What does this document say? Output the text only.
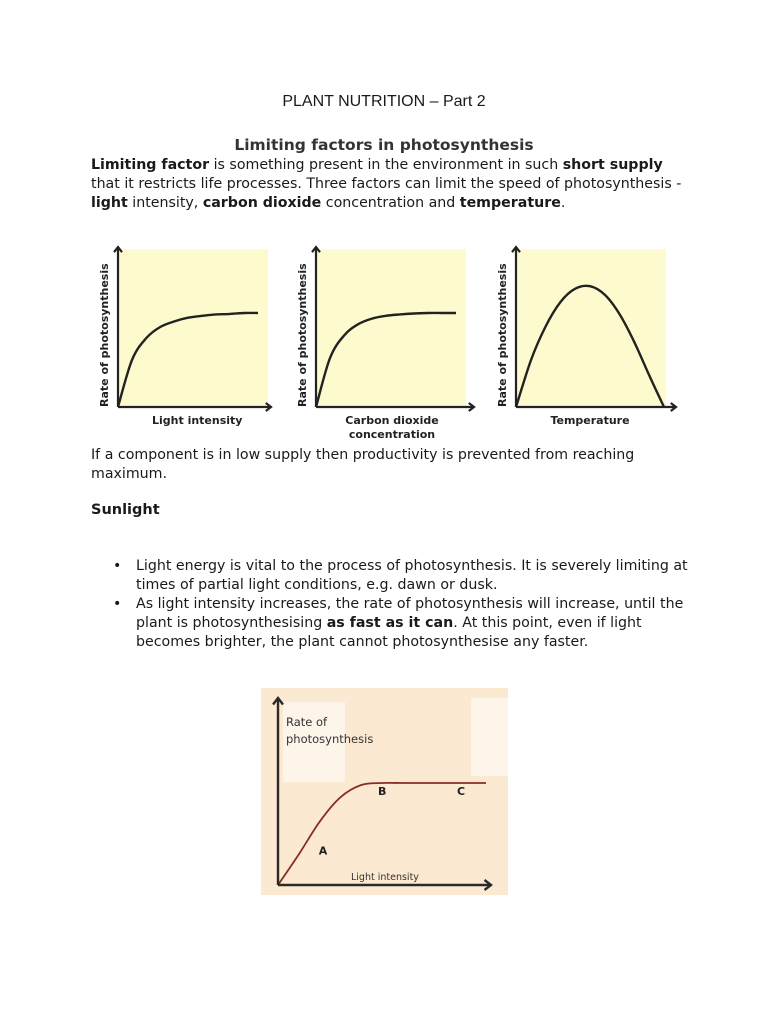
PLANT NUTRITION – Part 2
Limiting factors in photosynthesis
Limiting factor is something present in the environment in such short supply that it restricts life processes. Three factors can limit the speed of photosynthesis - light intensity, carbon dioxide concentration and temperature.
Rate of photosynthesis
Light intensity
Rate of photosynthesis
Carbon dioxide
concentration
Rate of photosynthesis
Temperature
If a component is in low supply then productivity is prevented from reaching maximum.
Sunlight
• Light energy is vital to the process of photosynthesis. It is severely limiting at times of partial light conditions, e.g. dawn or dusk.
• As light intensity increases, the rate of photosynthesis will increase, until the plant is photosynthesising as fast as it can. At this point, even if light becomes brighter, the plant cannot photosynthesise any faster.
A
B	C
Rate of
photosynthesis
Light intensity
